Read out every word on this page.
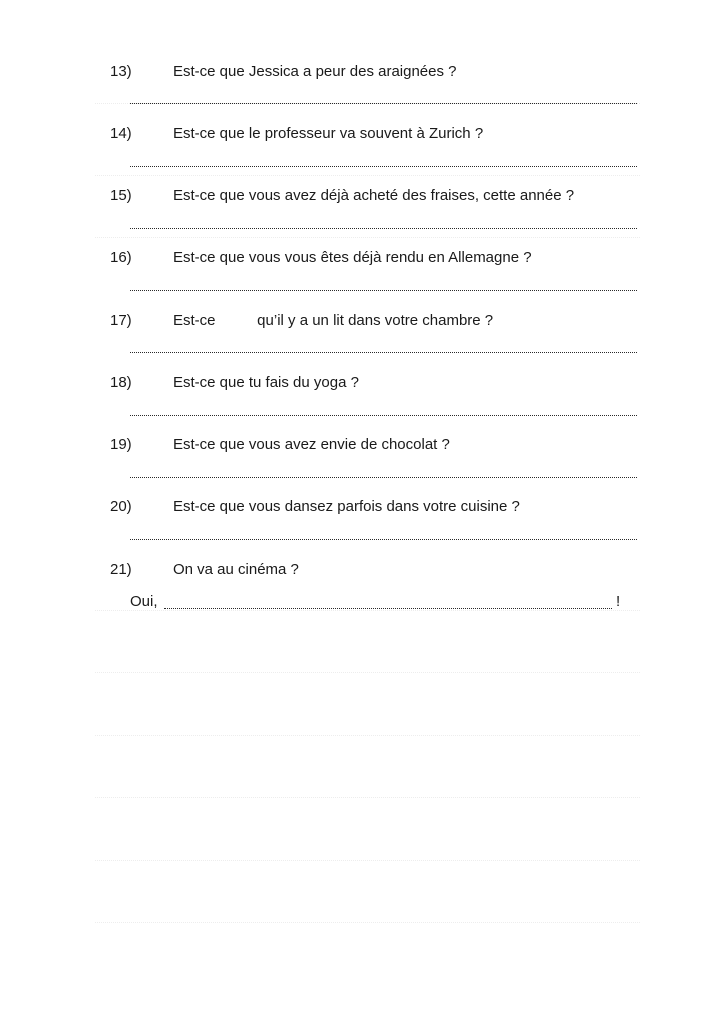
13)	Est-ce que Jessica a peur des araignées ?
14)	Est-ce que le professeur va souvent à Zurich ?
15)	Est-ce que vous avez déjà acheté des fraises, cette année ?
16)	Est-ce que vous vous êtes déjà rendu en Allemagne ?
17)	Est-ce          qu’il y a un lit dans votre chambre ?
18)	Est-ce que tu fais du yoga ?
19)	Est-ce que vous avez envie de chocolat ?
20)	Est-ce que vous dansez parfois dans votre cuisine ?
21)	On va au cinéma ?
Oui,	!
